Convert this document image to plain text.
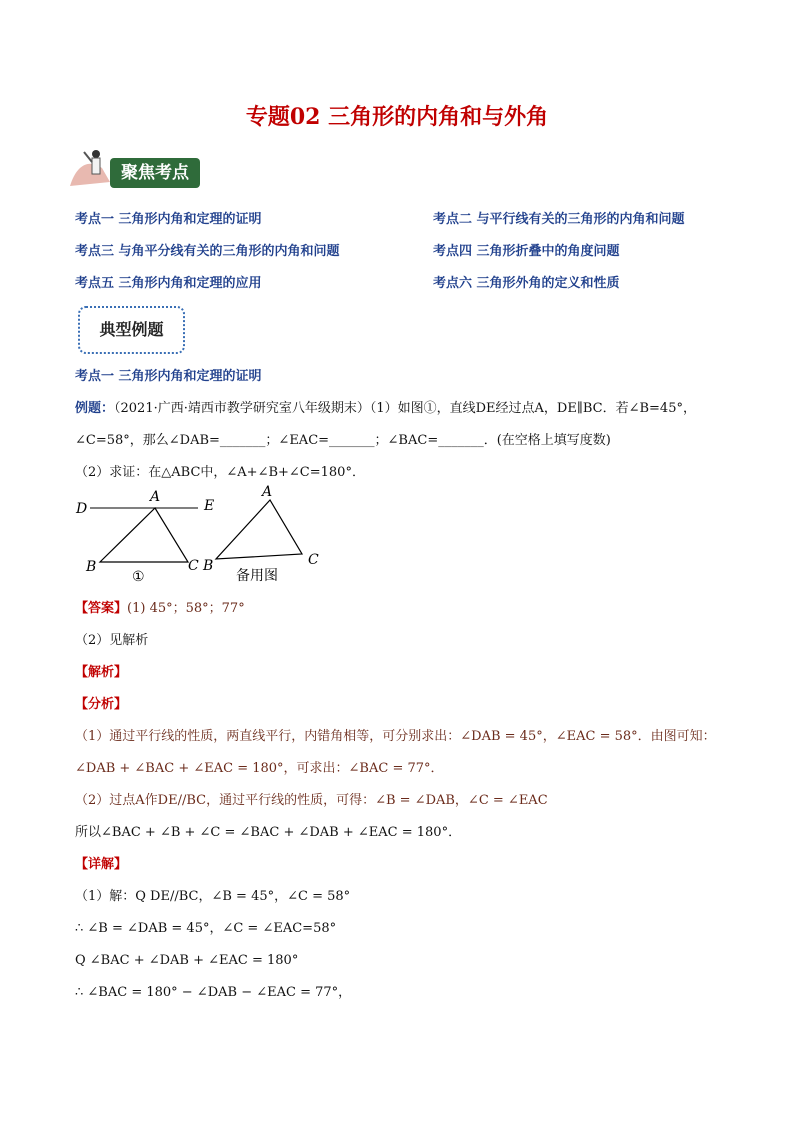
专题02 三角形的内角和与外角
聚焦考点
考点一 三角形内角和定理的证明	考点二 与平行线有关的三角形的内角和问题
考点三 与角平分线有关的三角形的内角和问题	考点四 三角形折叠中的角度问题
考点五 三角形内角和定理的应用	考点六 三角形外角的定义和性质
典型例题
考点一 三角形内角和定理的证明
例题：（2021·广西·靖西市教学研究室八年级期末）（1）如图①，直线DE经过点A，DE∥BC．若∠B=45°，
∠C=58°，那么∠DAB=_______；∠EAC=_______；∠BAC=_______．(在空格上填写度数)
（2）求证：在△ABC中，∠A+∠B+∠C=180°．
D
A
E
B	C
①
A
B	C
备用图
【答案】(1) 45°；58°；77°
（2）见解析
【解析】
【分析】
（1）通过平行线的性质，两直线平行，内错角相等，可分别求出：∠DAB = 45°，∠EAC = 58°．由图可知：
∠DAB + ∠BAC + ∠EAC = 180°，可求出：∠BAC = 77°．
（2）过点A作DE//BC，通过平行线的性质，可得：∠B = ∠DAB，∠C = ∠EAC
所以∠BAC + ∠B + ∠C = ∠BAC + ∠DAB + ∠EAC = 180°．
【详解】
（1）解：Q DE//BC，∠B = 45°，∠C = 58°
∴ ∠B = ∠DAB = 45°，∠C = ∠EAC=58°
Q ∠BAC + ∠DAB + ∠EAC = 180°
∴ ∠BAC = 180° − ∠DAB − ∠EAC = 77°，
